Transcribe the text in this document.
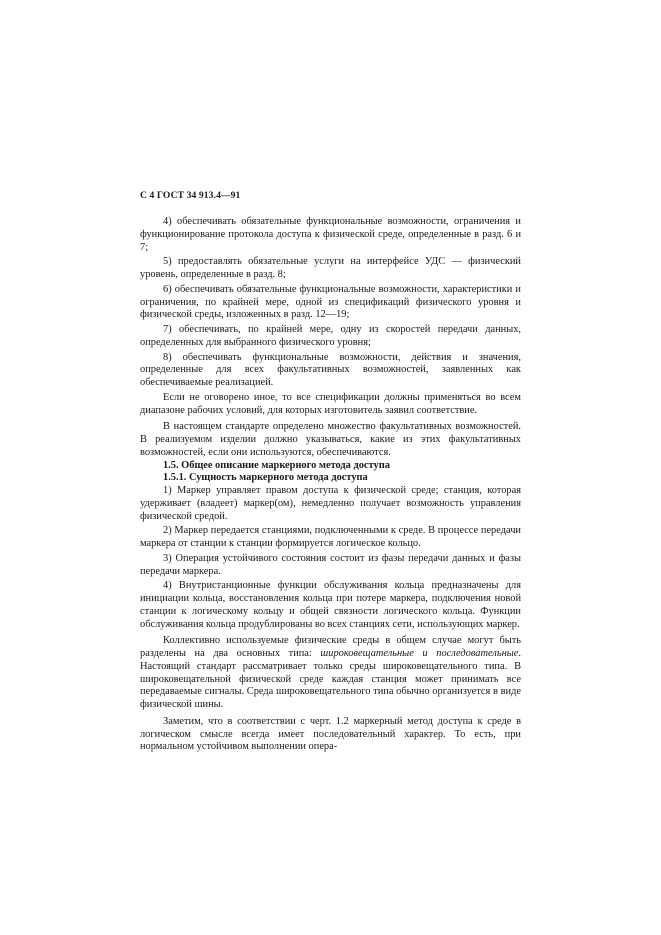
С 4 ГОСТ 34 913.4—91

4) обеспечивать обязательные функциональные возможности, ограничения и функционирование протокола доступа к физической среде, определенные в разд. 6 и 7;

5) предоставлять обязательные услуги на интерфейсе УДС — физический уровень, определенные в разд. 8;

6) обеспечивать обязательные функциональные возможности, характеристики и ограничения, по крайней мере, одной из спецификаций физического уровня и физической среды, изложенных в разд. 12—19;

7) обеспечивать, по крайней мере, одну из скоростей передачи данных, определенных для выбранного физического уровня;

8) обеспечивать функциональные возможности, действия и значения, определенные для всех факультативных возможностей, заявленных как обеспечиваемые реализацией.

Если не оговорено иное, то все спецификации должны применяться во всем диапазоне рабочих условий, для которых изготовитель заявил соответствие.

В настоящем стандарте определено множество факультативных возможностей. В реализуемом изделии должно указываться, какие из этих факультативных возможностей, если они используются, обеспечиваются.

1.5. Общее описание маркерного метода доступа

1.5.1. Сущность маркерного метода доступа

1) Маркер управляет правом доступа к физической среде; станция, которая удерживает (владеет) маркер(ом), немедленно получает возможность управления физической средой.

2) Маркер передается станциями, подключенными к среде. В процессе передачи маркера от станции к станции формируется логическое кольцо.

3) Операция устойчивого состояния состоит из фазы передачи данных и фазы передачи маркера.

4) Внутристанционные функции обслуживания кольца предназначены для инициации кольца, восстановления кольца при потере маркера, подключения новой станции к логическому кольцу и общей связности логического кольца. Функции обслуживания кольца продублированы во всех станциях сети, использующих маркер.

Коллективно используемые физические среды в общем случае могут быть разделены на два основных типа: широковещательные и последовательные. Настоящий стандарт рассматривает только среды широковещательного типа. В широковещательной физической среде каждая станция может принимать все передаваемые сигналы. Среда широковещательного типа обычно организуется в виде физической шины.

Заметим, что в соответствии с черт. 1.2 маркерный метод доступа к среде в логическом смысле всегда имеет последовательный характер. То есть, при нормальном устойчивом выполнении опера-
